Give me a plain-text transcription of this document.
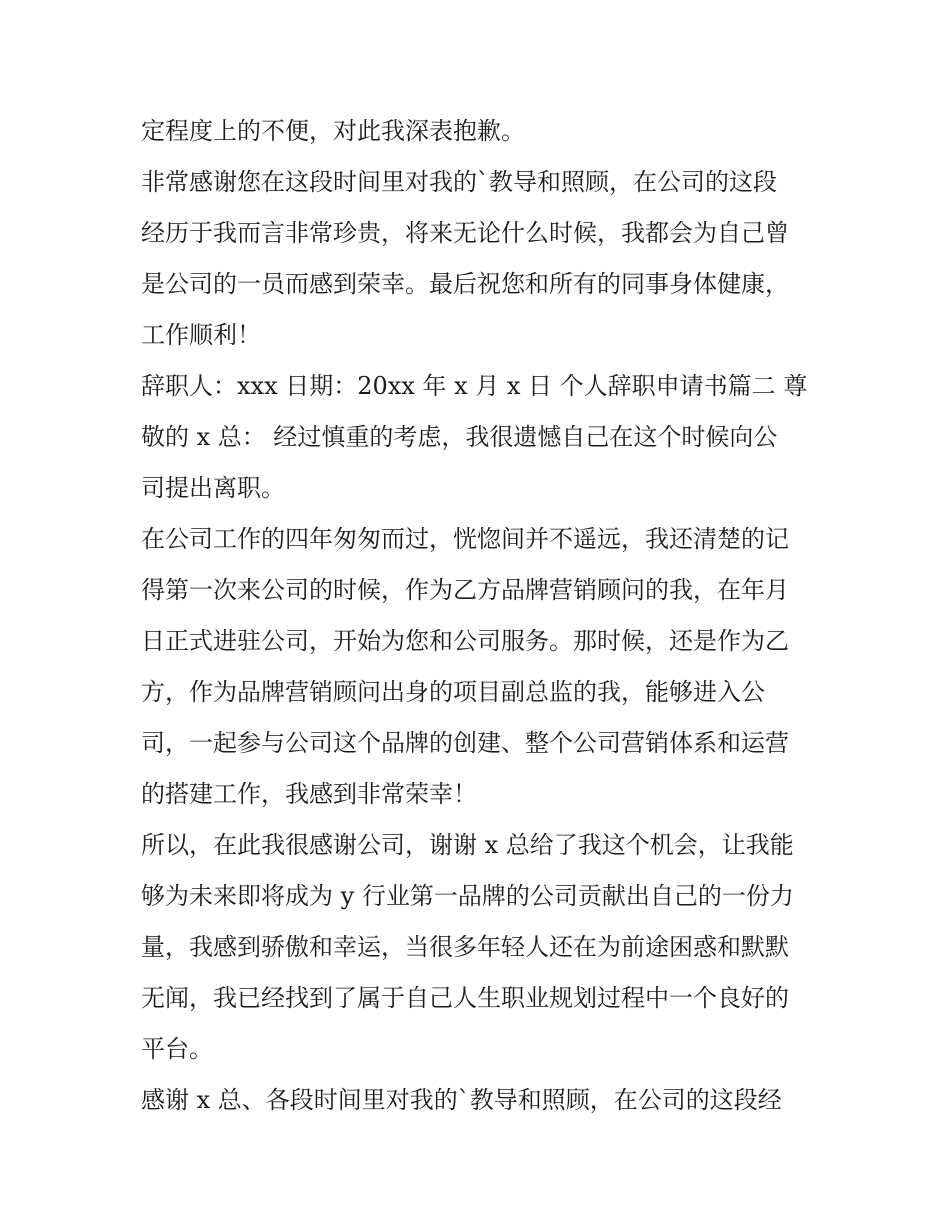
定程度上的不便，对此我深表抱歉。

非常感谢您在这段时间里对我的`教导和照顾，在公司的这段
经历于我而言非常珍贵，将来无论什么时候，我都会为自己曾
是公司的一员而感到荣幸。最后祝您和所有的同事身体健康，
工作顺利！

辞职人：xxx 日期：20xx 年 x 月 x 日 个人辞职申请书篇二 尊
敬的 x 总： 经过慎重的考虑，我很遗憾自己在这个时候向公
司提出离职。

在公司工作的四年匆匆而过，恍惚间并不遥远，我还清楚的记
得第一次来公司的时候，作为乙方品牌营销顾问的我，在年月
日正式进驻公司，开始为您和公司服务。那时候，还是作为乙
方，作为品牌营销顾问出身的项目副总监的我，能够进入公
司，一起参与公司这个品牌的创建、整个公司营销体系和运营
的搭建工作，我感到非常荣幸！

所以，在此我很感谢公司，谢谢 x 总给了我这个机会，让我能
够为未来即将成为 y 行业第一品牌的公司贡献出自己的一份力
量，我感到骄傲和幸运，当很多年轻人还在为前途困惑和默默
无闻，我已经找到了属于自己人生职业规划过程中一个良好的
平台。

感谢 x 总、各段时间里对我的`教导和照顾，在公司的这段经
